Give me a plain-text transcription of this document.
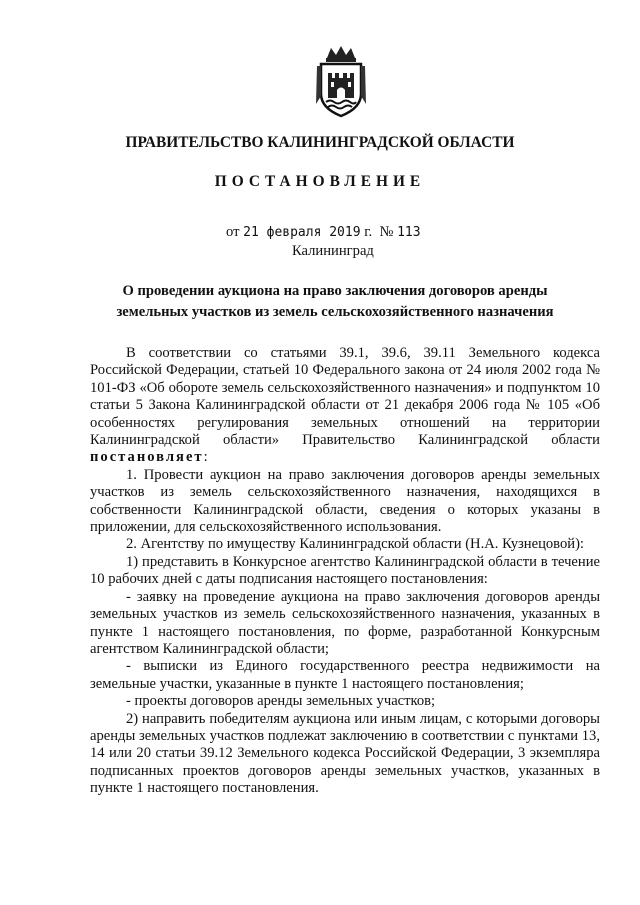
ПРАВИТЕЛЬСТВО КАЛИНИНГРАДСКОЙ ОБЛАСТИ
ПОСТАНОВЛЕНИЕ
от 21 февраля 2019 г. № 113
Калининград
О проведении аукциона на право заключения договоров аренды
земельных участков из земель сельскохозяйственного назначения

В соответствии со статьями 39.1, 39.6, 39.11 Земельного кодекса Российской Федерации, статьей 10 Федерального закона от 24 июля 2002 года № 101-ФЗ «Об обороте земель сельскохозяйственного назначения» и подпунктом 10 статьи 5 Закона Калининградской области от 21 декабря 2006 года № 105 «Об особенностях регулирования земельных отношений на территории Калининградской области» Правительство Калининградской области постановляет:

1. Провести аукцион на право заключения договоров аренды земельных участков из земель сельскохозяйственного назначения, находящихся в собственности Калининградской области, сведения о которых указаны в приложении, для сельскохозяйственного использования.

2. Агентству по имуществу Калининградской области (Н.А. Кузнецовой):

1) представить в Конкурсное агентство Калининградской области в течение 10 рабочих дней с даты подписания настоящего постановления:

- заявку на проведение аукциона на право заключения договоров аренды земельных участков из земель сельскохозяйственного назначения, указанных в пункте 1 настоящего постановления, по форме, разработанной Конкурсным агентством Калининградской области;

- выписки из Единого государственного реестра недвижимости на земельные участки, указанные в пункте 1 настоящего постановления;

- проекты договоров аренды земельных участков;

2) направить победителям аукциона или иным лицам, с которыми договоры аренды земельных участков подлежат заключению в соответствии с пунктами 13, 14 или 20 статьи 39.12 Земельного кодекса Российской Федерации, 3 экземпляра подписанных проектов договоров аренды земельных участков, указанных в пункте 1 настоящего постановления.
